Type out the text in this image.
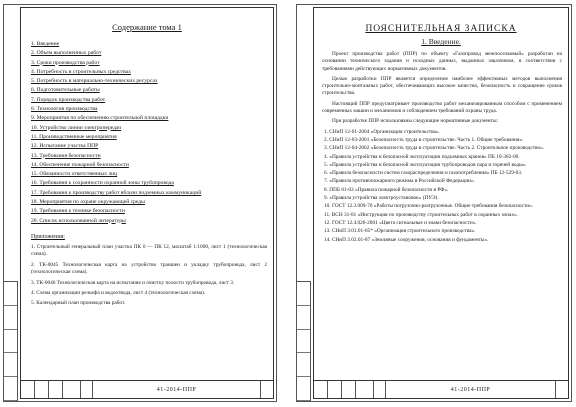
Содержание тома 1
1. Введение
2. Объем выполненных работ
3. Сроки производства работ
4. Потребность в строительных средствах
5. Потребность в материально-технических ресурсах
6. Подготовительные работы
7. Порядок производства работ
8. Технология производства
9. Мероприятия по обеспечению строительной площадки
10. Устройство линии электропередач
11. Производственные мероприятия
12. Испытание участка ППР
13. Требования безопасности
14. Обеспечение пожарной безопасности
15. Обязанности ответственных лиц
16. Требования к сохранности охранной зоны трубопровода
17. Требования к производству работ вблизи подземных коммуникаций
18. Мероприятия по охране окружающей среды
19. Требования к технике безопасности
20. Список использованной литературы
Приложения:
1. Строительный генеральный план участка ПК 0 — ПК 12, масштаб 1:1000, лист 1 (технологическая схема).
2. ТК-0045 Технологическая карта на устройство траншеи и укладку трубопровода, лист 2 (технологическая схема).
3. ТК-0046 Технологическая карта на испытание и очистку полости трубопровода, лист 3.
4. Схема организации рельефа и водоотвода, лист 4 (технологическая схема).
5. Календарный план производства работ.
41-2014-ППР
ПОЯСНИТЕЛЬНАЯ ЗАПИСКА
1. Введение.

Проект производства работ (ППР) по объекту «Газопровод межпоселковый» разработан на основании технического задания и исходных данных, выданных заказчиком, в соответствии с требованиями действующих нормативных документов.

Целью разработки ППР является определение наиболее эффективных методов выполнения строительно-монтажных работ, обеспечивающих высокое качество, безопасность и сокращение сроков строительства.

Настоящий ППР предусматривает производство работ механизированным способом с применением современных машин и механизмов и соблюдением требований охраны труда.

При разработке ППР использованы следующие нормативные документы:

1. СНиП 12-01-2004 «Организация строительства».
2. СНиП 12-03-2001 «Безопасность труда в строительстве. Часть 1. Общие требования».
3. СНиП 12-04-2002 «Безопасность труда в строительстве. Часть 2. Строительное производство».
4. «Правила устройства и безопасной эксплуатации подъемных кранов» ПБ 10-382-00.
5. «Правила устройства и безопасной эксплуатации трубопроводов пара и горячей воды».
6. «Правила безопасности систем газораспределения и газопотребления» ПБ 12-529-03.
7. «Правила противопожарного режима в Российской Федерации».
8. ППБ 01-03 «Правила пожарной безопасности в РФ».
9. «Правила устройства электроустановок» (ПУЭ).
10. ГОСТ 12.3.009-76 «Работы погрузочно-разгрузочные. Общие требования безопасности».
11. ВСН 31-81 «Инструкция по производству строительных работ в охранных зонах».
12. ГОСТ 12.4.026-2001 «Цвета сигнальные и знаки безопасности».
13. СНиП 3.01.01-85* «Организация строительного производства».
14. СНиП 3.02.01-87 «Земляные сооружения, основания и фундаменты».
41-2014-ППР
